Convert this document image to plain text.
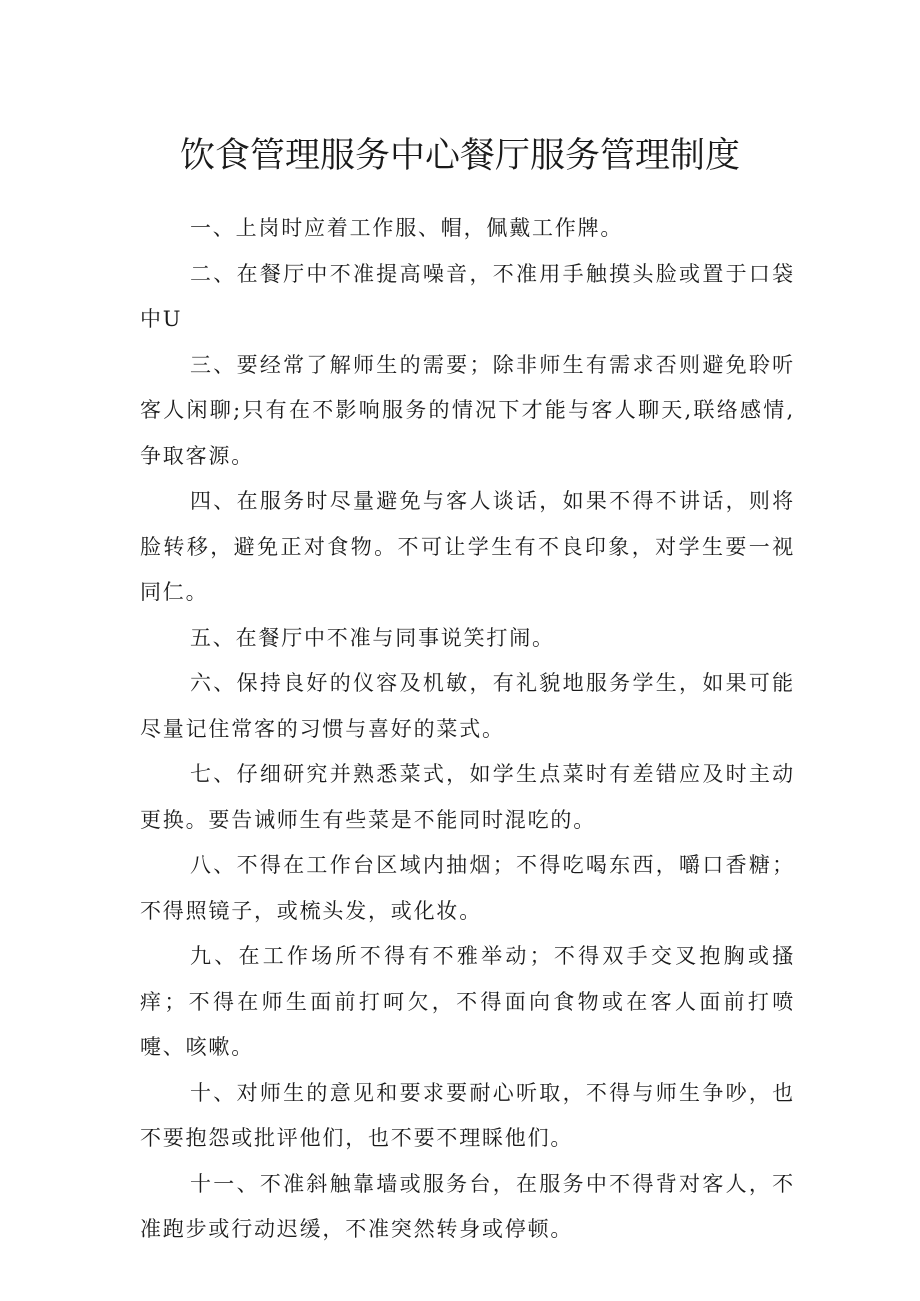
饮食管理服务中心餐厅服务管理制度

一、上岗时应着工作服、帽，佩戴工作牌。

二、在餐厅中不准提高噪音，不准用手触摸头脸或置于口袋中U

三、要经常了解师生的需要；除非师生有需求否则避免聆听客人闲聊;只有在不影响服务的情况下才能与客人聊天,联络感情,争取客源。

四、在服务时尽量避免与客人谈话，如果不得不讲话，则将脸转移，避免正对食物。不可让学生有不良印象，对学生要一视同仁。

五、在餐厅中不准与同事说笑打闹。

六、保持良好的仪容及机敏，有礼貌地服务学生，如果可能尽量记住常客的习惯与喜好的菜式。

七、仔细研究并熟悉菜式，如学生点菜时有差错应及时主动更换。要告诫师生有些菜是不能同时混吃的。

八、不得在工作台区域内抽烟；不得吃喝东西，嚼口香糖；不得照镜子，或梳头发，或化妆。

九、在工作场所不得有不雅举动；不得双手交叉抱胸或搔痒；不得在师生面前打呵欠，不得面向食物或在客人面前打喷嚏、咳嗽。

十、对师生的意见和要求要耐心听取，不得与师生争吵，也不要抱怨或批评他们，也不要不理睬他们。

十一、不准斜触靠墙或服务台，在服务中不得背对客人，不准跑步或行动迟缓，不准突然转身或停顿。
